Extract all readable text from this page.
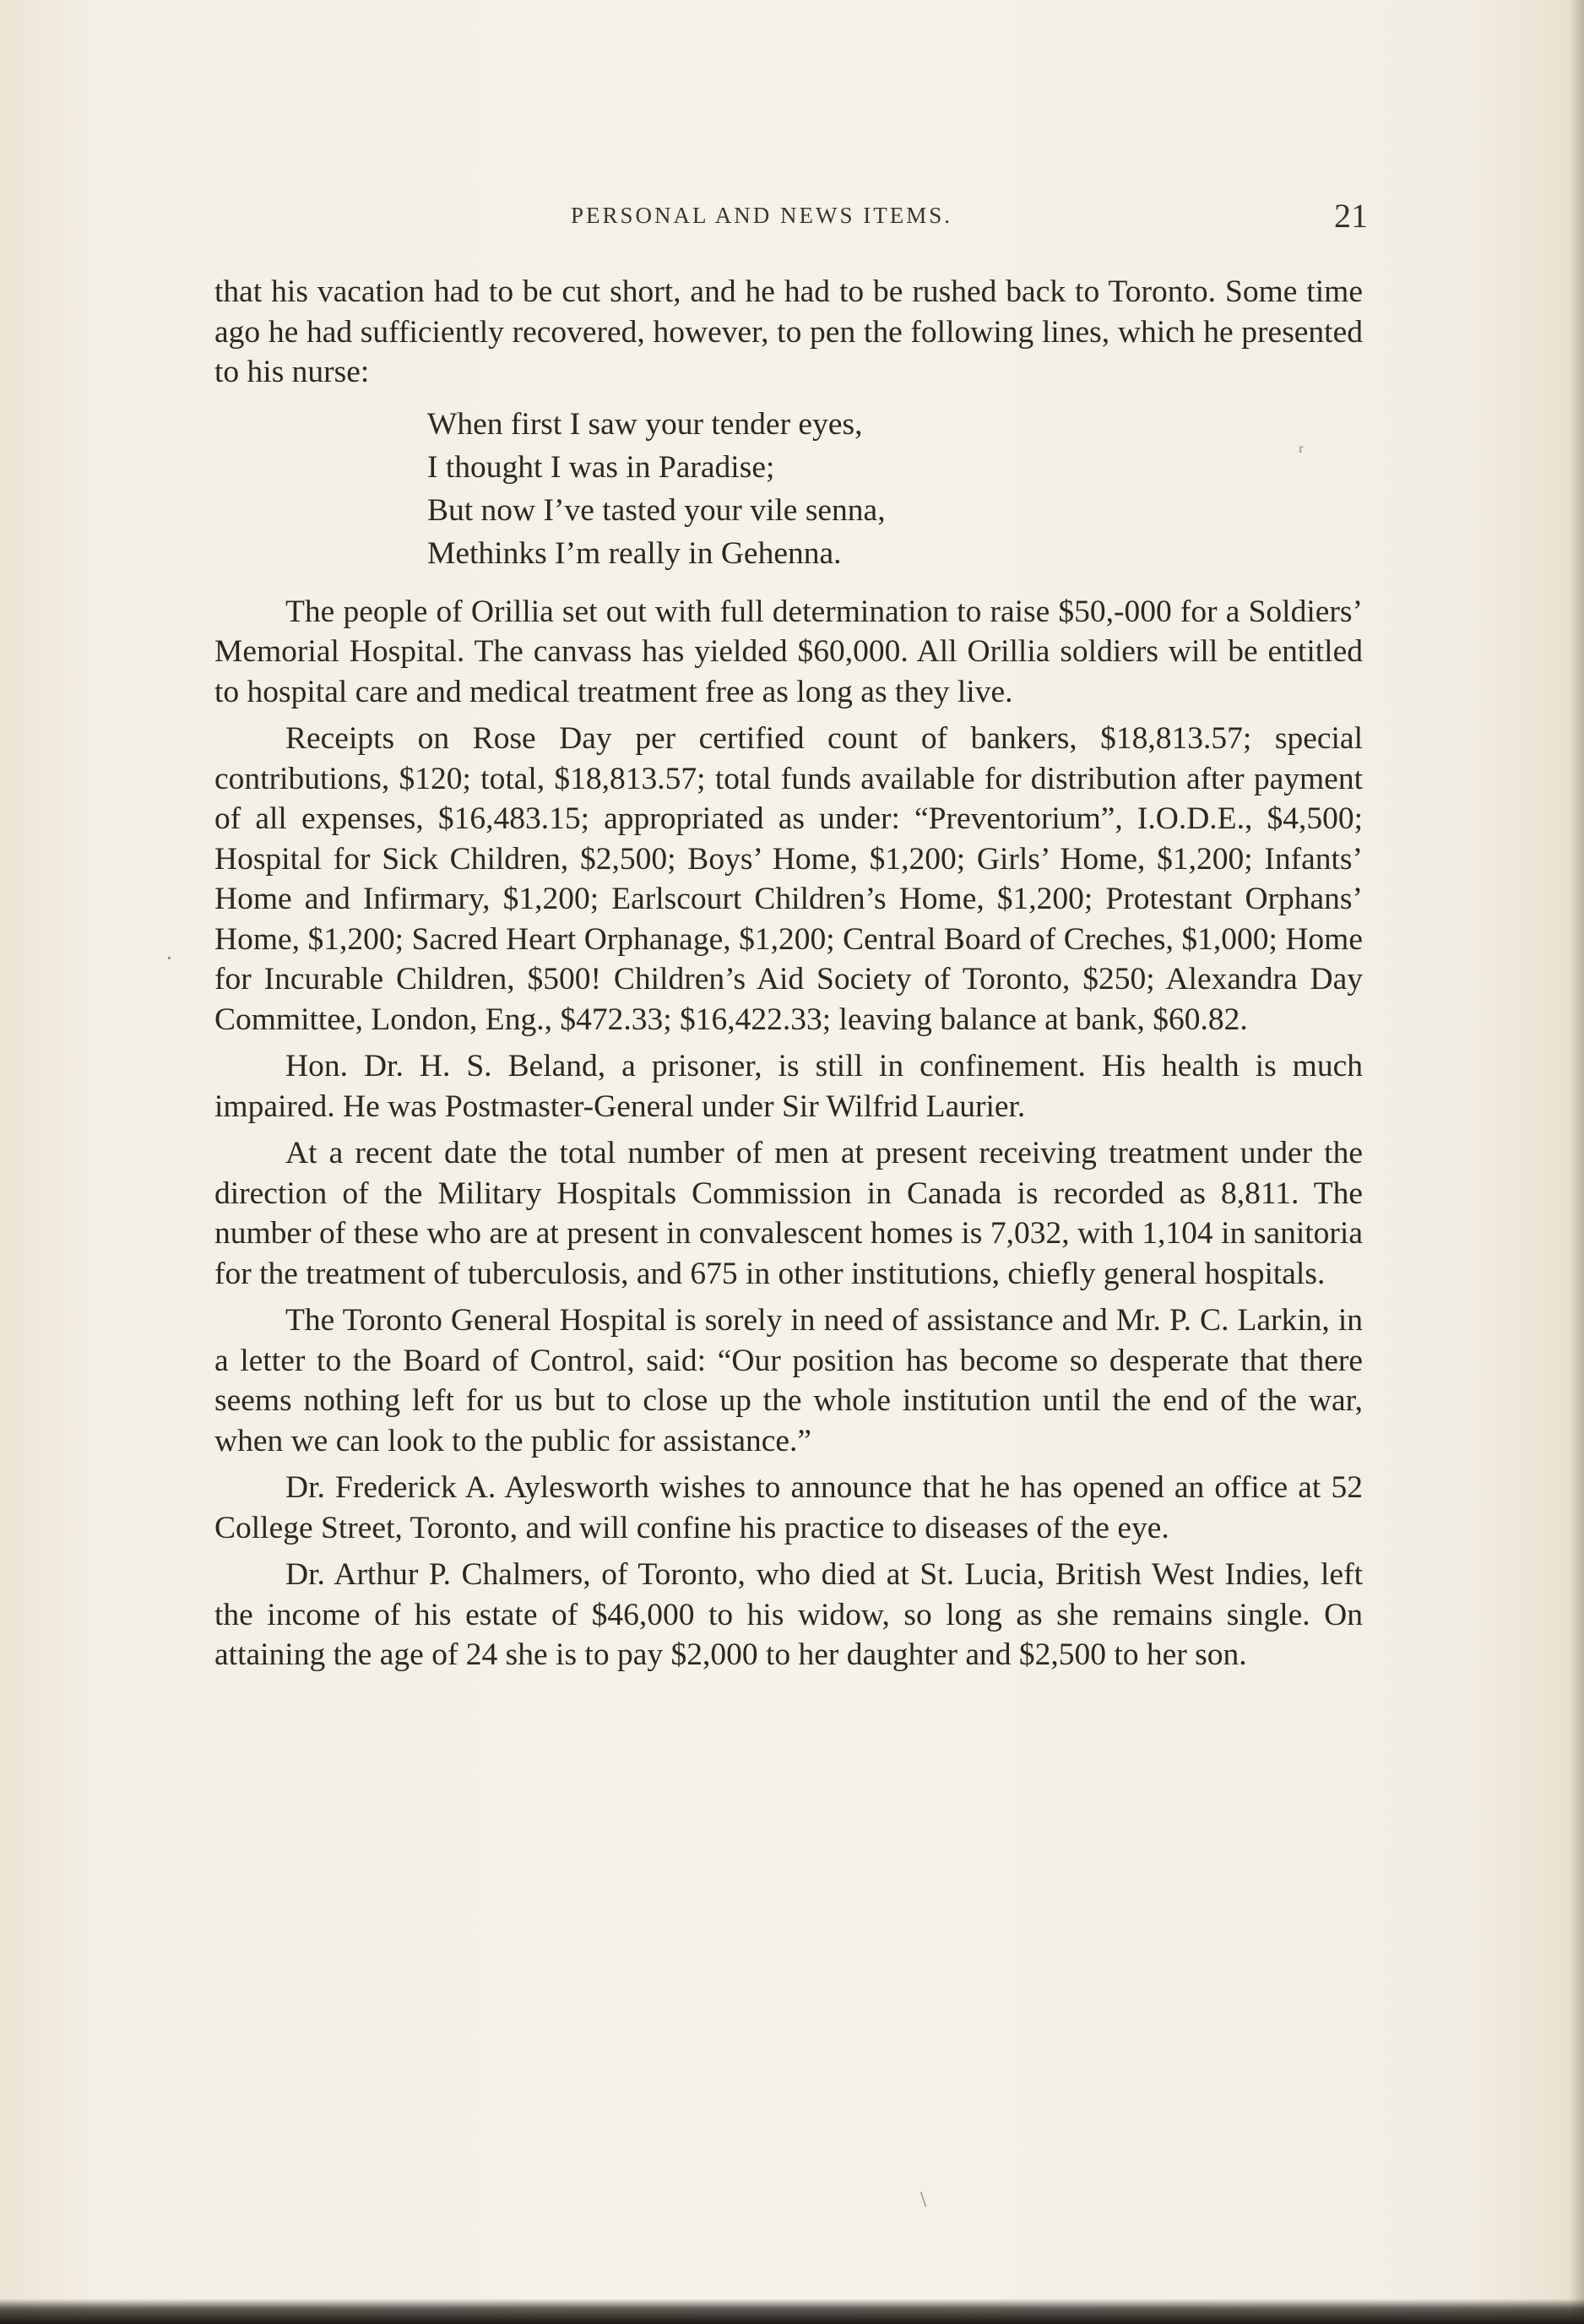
PERSONAL AND NEWS ITEMS.	21

that his vacation had to be cut short, and he had to be rushed back to Toronto. Some time ago he had sufficiently recovered, however, to pen the following lines, which he presented to his nurse:

When first I saw your tender eyes,
I thought I was in Paradise;
But now I’ve tasted your vile senna,
Methinks I’m really in Gehenna.

The people of Orillia set out with full determination to raise $50,-000 for a Soldiers’ Memorial Hospital. The canvass has yielded $60,000. All Orillia soldiers will be entitled to hospital care and medical treatment free as long as they live.

Receipts on Rose Day per certified count of bankers, $18,813.57; special contributions, $120; total, $18,813.57; total funds available for distribution after payment of all expenses, $16,483.15; appropriated as under: “Preventorium”, I.O.D.E., $4,500; Hospital for Sick Children, $2,500; Boys’ Home, $1,200; Girls’ Home, $1,200; Infants’ Home and Infirmary, $1,200; Earlscourt Children’s Home, $1,200; Protestant Orphans’ Home, $1,200; Sacred Heart Orphanage, $1,200; Central Board of Creches, $1,000; Home for Incurable Children, $500! Children’s Aid Society of Toronto, $250; Alexandra Day Committee, London, Eng., $472.33; $16,422.33; leaving balance at bank, $60.82.

Hon. Dr. H. S. Beland, a prisoner, is still in confinement. His health is much impaired. He was Postmaster-General under Sir Wilfrid Laurier.

At a recent date the total number of men at present receiving treatment under the direction of the Military Hospitals Commission in Canada is recorded as 8,811. The number of these who are at present in convalescent homes is 7,032, with 1,104 in sanitoria for the treatment of tuberculosis, and 675 in other institutions, chiefly general hospitals.

The Toronto General Hospital is sorely in need of assistance and Mr. P. C. Larkin, in a letter to the Board of Control, said: “Our position has become so desperate that there seems nothing left for us but to close up the whole institution until the end of the war, when we can look to the public for assistance.”

Dr. Frederick A. Aylesworth wishes to announce that he has opened an office at 52 College Street, Toronto, and will confine his practice to diseases of the eye.

Dr. Arthur P. Chalmers, of Toronto, who died at St. Lucia, British West Indies, left the income of his estate of $46,000 to his widow, so long as she remains single. On attaining the age of 24 she is to pay $2,000 to her daughter and $2,500 to her son.

ʳ
\
·
